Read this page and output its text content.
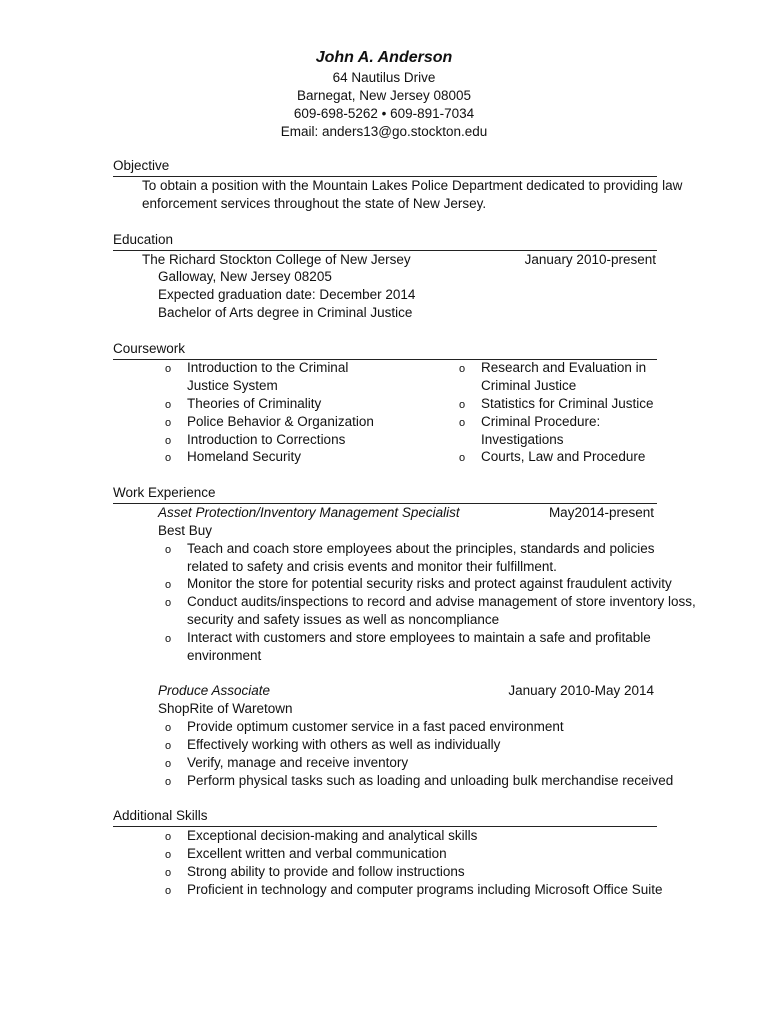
John A. Anderson
64 Nautilus Drive
Barnegat, New Jersey 08005
609-698-5262 • 609-891-7034
Email: anders13@go.stockton.edu
Objective
To obtain a position with the Mountain Lakes Police Department dedicated to providing law
enforcement services throughout the state of New Jersey.
Education
The Richard Stockton College of New Jersey	January 2010-present
Galloway, New Jersey 08205
Expected graduation date: December 2014
Bachelor of Arts degree in Criminal Justice
Coursework
o Introduction to the Criminal
Justice System
o Theories of Criminality
o Police Behavior & Organization
o Introduction to Corrections
o Homeland Security
o Research and Evaluation in
Criminal Justice
o Statistics for Criminal Justice
o Criminal Procedure:
Investigations
o Courts, Law and Procedure
Work Experience
Asset Protection/Inventory Management Specialist	May2014-present
Best Buy
o Teach and coach store employees about the principles, standards and policies
related to safety and crisis events and monitor their fulfillment.
o Monitor the store for potential security risks and protect against fraudulent activity
o Conduct audits/inspections to record and advise management of store inventory loss,
security and safety issues as well as noncompliance
o Interact with customers and store employees to maintain a safe and profitable
environment
Produce Associate	January 2010-May 2014
ShopRite of Waretown
o Provide optimum customer service in a fast paced environment
o Effectively working with others as well as individually
o Verify, manage and receive inventory
o Perform physical tasks such as loading and unloading bulk merchandise received
Additional Skills
o Exceptional decision-making and analytical skills
o Excellent written and verbal communication
o Strong ability to provide and follow instructions
o Proficient in technology and computer programs including Microsoft Office Suite
